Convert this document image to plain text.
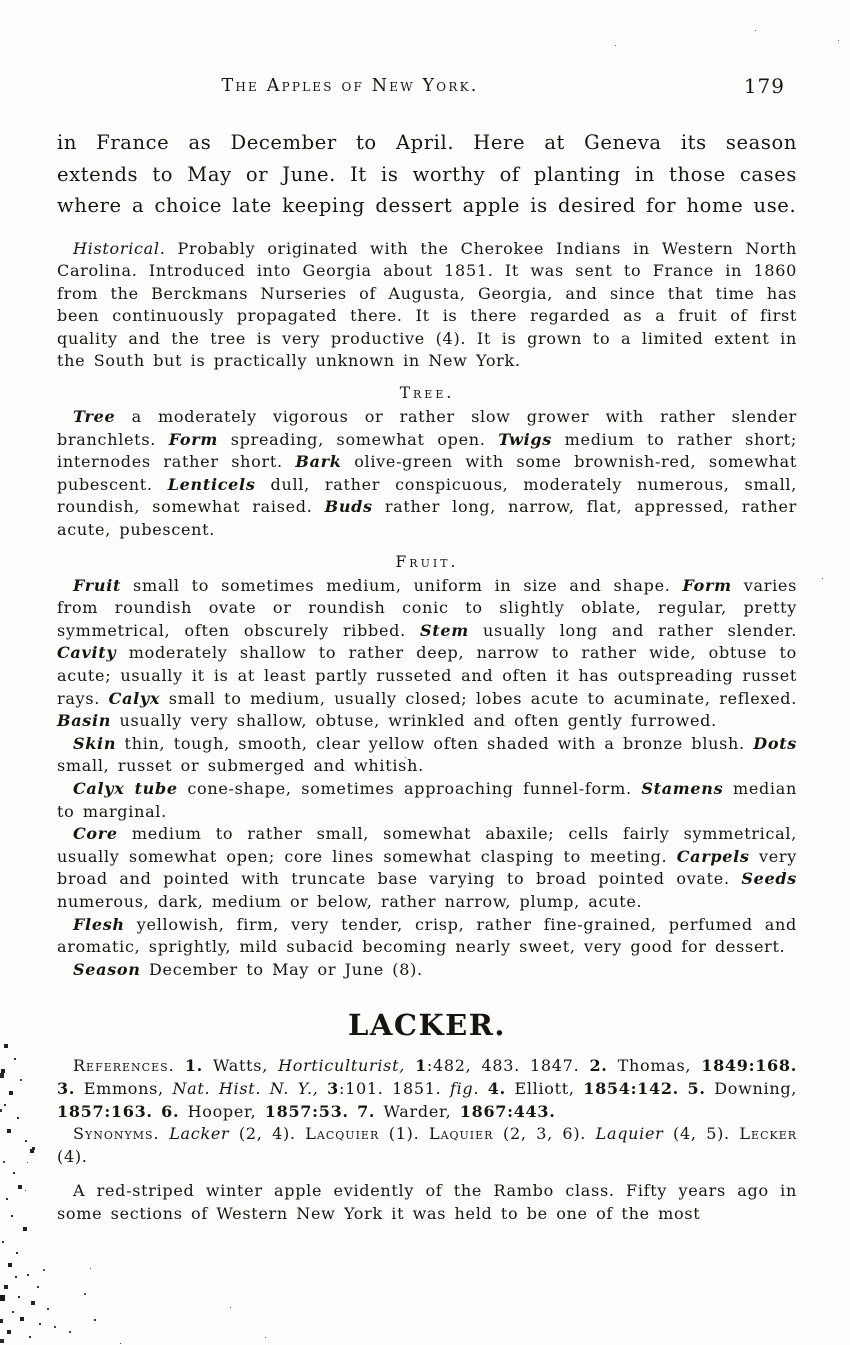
The Apples of New York.	179

in France as December to April. Here at Geneva its season extends to May or June. It is worthy of planting in those cases where a choice late keeping dessert apple is desired for home use.

Historical. Probably originated with the Cherokee Indians in Western North Carolina. Introduced into Georgia about 1851. It was sent to France in 1860 from the Berckmans Nurseries of Augusta, Georgia, and since that time has been continuously propagated there. It is there regarded as a fruit of first quality and the tree is very productive (4). It is grown to a limited extent in the South but is practically unknown in New York.

Tree.

Tree a moderately vigorous or rather slow grower with rather slender branchlets. Form spreading, somewhat open. Twigs medium to rather short; internodes rather short. Bark olive-green with some brownish-red, somewhat pubescent. Lenticels dull, rather conspicuous, moderately numerous, small, roundish, somewhat raised. Buds rather long, narrow, flat, appressed, rather acute, pubescent.

Fruit.

Fruit small to sometimes medium, uniform in size and shape. Form varies from roundish ovate or roundish conic to slightly oblate, regular, pretty symmetrical, often obscurely ribbed. Stem usually long and rather slender. Cavity moderately shallow to rather deep, narrow to rather wide, obtuse to acute; usually it is at least partly russeted and often it has outspreading russet rays. Calyx small to medium, usually closed; lobes acute to acuminate, reflexed. Basin usually very shallow, obtuse, wrinkled and often gently furrowed.

Skin thin, tough, smooth, clear yellow often shaded with a bronze blush. Dots small, russet or submerged and whitish.

Calyx tube cone-shape, sometimes approaching funnel-form. Stamens median to marginal.

Core medium to rather small, somewhat abaxile; cells fairly symmetrical, usually somewhat open; core lines somewhat clasping to meeting. Carpels very broad and pointed with truncate base varying to broad pointed ovate. Seeds numerous, dark, medium or below, rather narrow, plump, acute.

Flesh yellowish, firm, very tender, crisp, rather fine-grained, perfumed and aromatic, sprightly, mild subacid becoming nearly sweet, very good for dessert.

Season December to May or June (8).

LACKER.

References. 1. Watts, Horticulturist, 1:482, 483. 1847. 2. Thomas, 1849:168. 3. Emmons, Nat. Hist. N. Y., 3:101. 1851. fig. 4. Elliott, 1854:142. 5. Downing, 1857:163. 6. Hooper, 1857:53. 7. Warder, 1867:443.

Synonyms. Lacker (2, 4). Lacquier (1). Laquier (2, 3, 6). Laquier (4, 5). Lecker (4).

A red-striped winter apple evidently of the Rambo class. Fifty years ago in some sections of Western New York it was held to be one of the most
